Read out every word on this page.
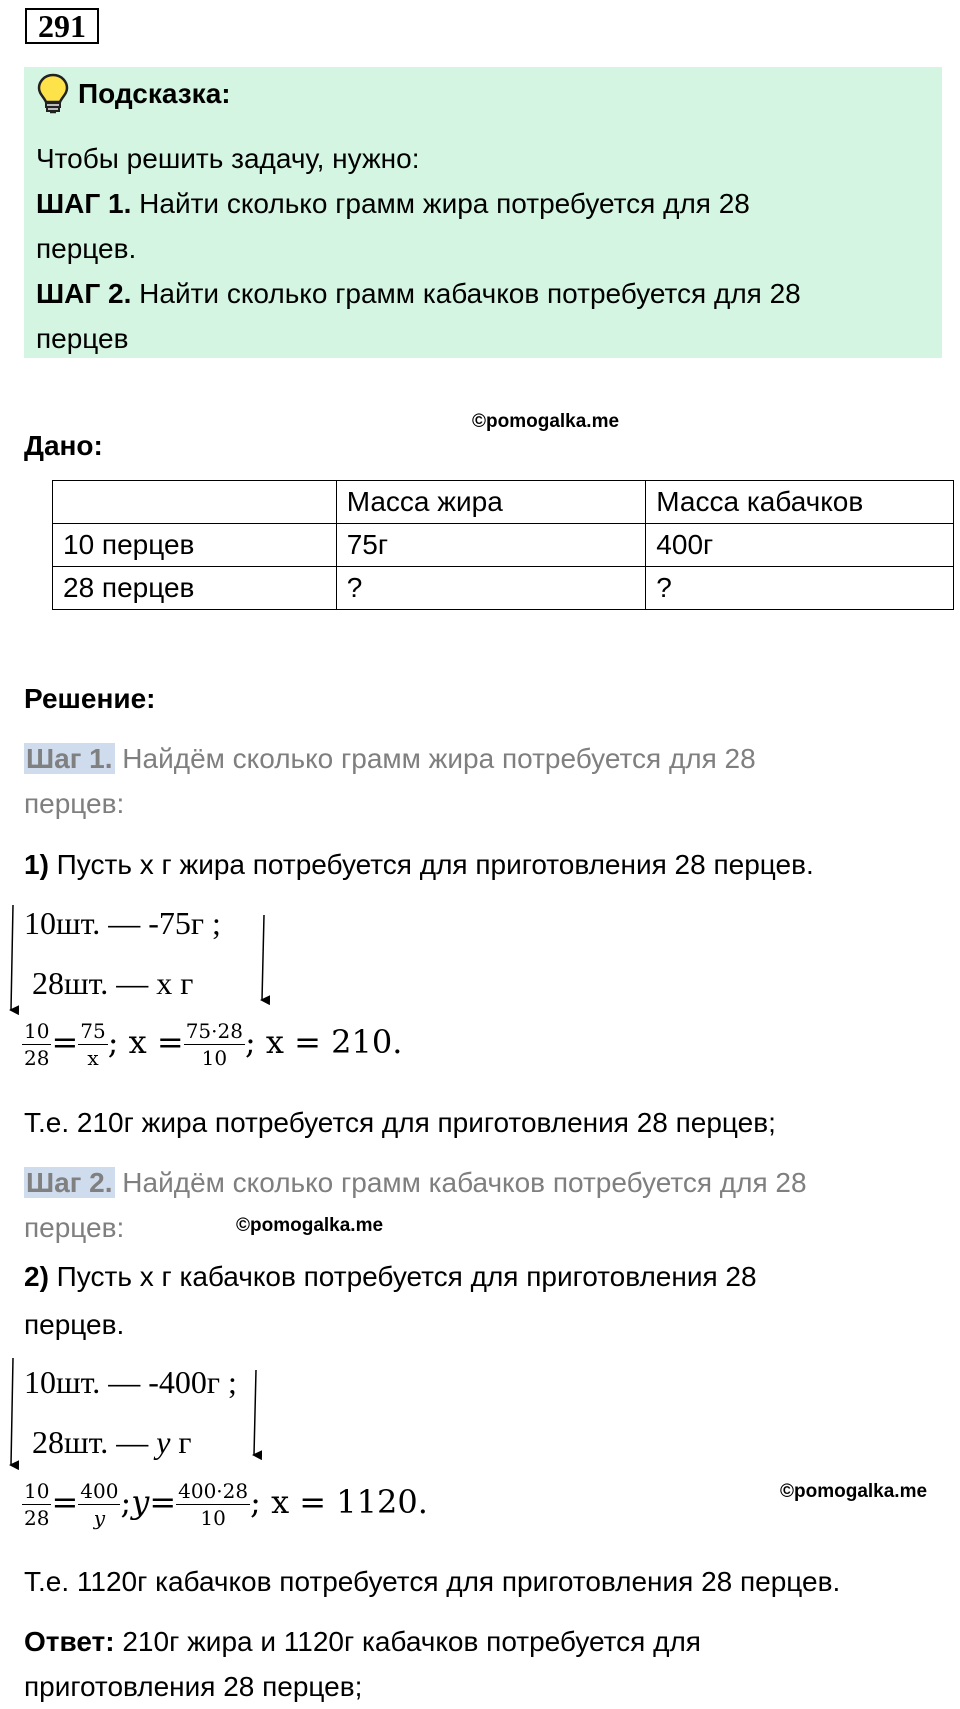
291
Подсказка:
Чтобы решить задачу, нужно:
ШАГ 1. Найти сколько грамм жира потребуется для 28
перцев.
ШАГ 2. Найти сколько грамм кабачков потребуется для 28
перцев
©pomogalka.me
Дано:
	Масса жира	Масса кабачков
10 перцев	75г	400г
28 перцев	?	?
Решение:
Шаг 1. Найдём сколько грамм жира потребуется для 28
перцев:
1) Пусть х г жира потребуется для приготовления 28 перцев.
10шт. — -75г ;
28шт. — x г
$\frac{10}{28} = \frac{75}{x}$ ; $x = \frac{75\cdot 28}{10}$ ; x = 210.
Т.е. 210г жира потребуется для приготовления 28 перцев;
Шаг 2. Найдём сколько грамм кабачков потребуется для 28
перцев:	©pomogalka.me
2) Пусть х г кабачков потребуется для приготовления 28
перцев.
10шт. — -400г ;
28шт. — y г
$\frac{10}{28} = \frac{400}{y}$ ;y= $\frac{400\cdot 28}{10}$ ; x = 1120.	©pomogalka.me
Т.е. 1120г кабачков потребуется для приготовления 28 перцев.
Ответ: 210г жира и 1120г кабачков потребуется для
приготовления 28 перцев;
